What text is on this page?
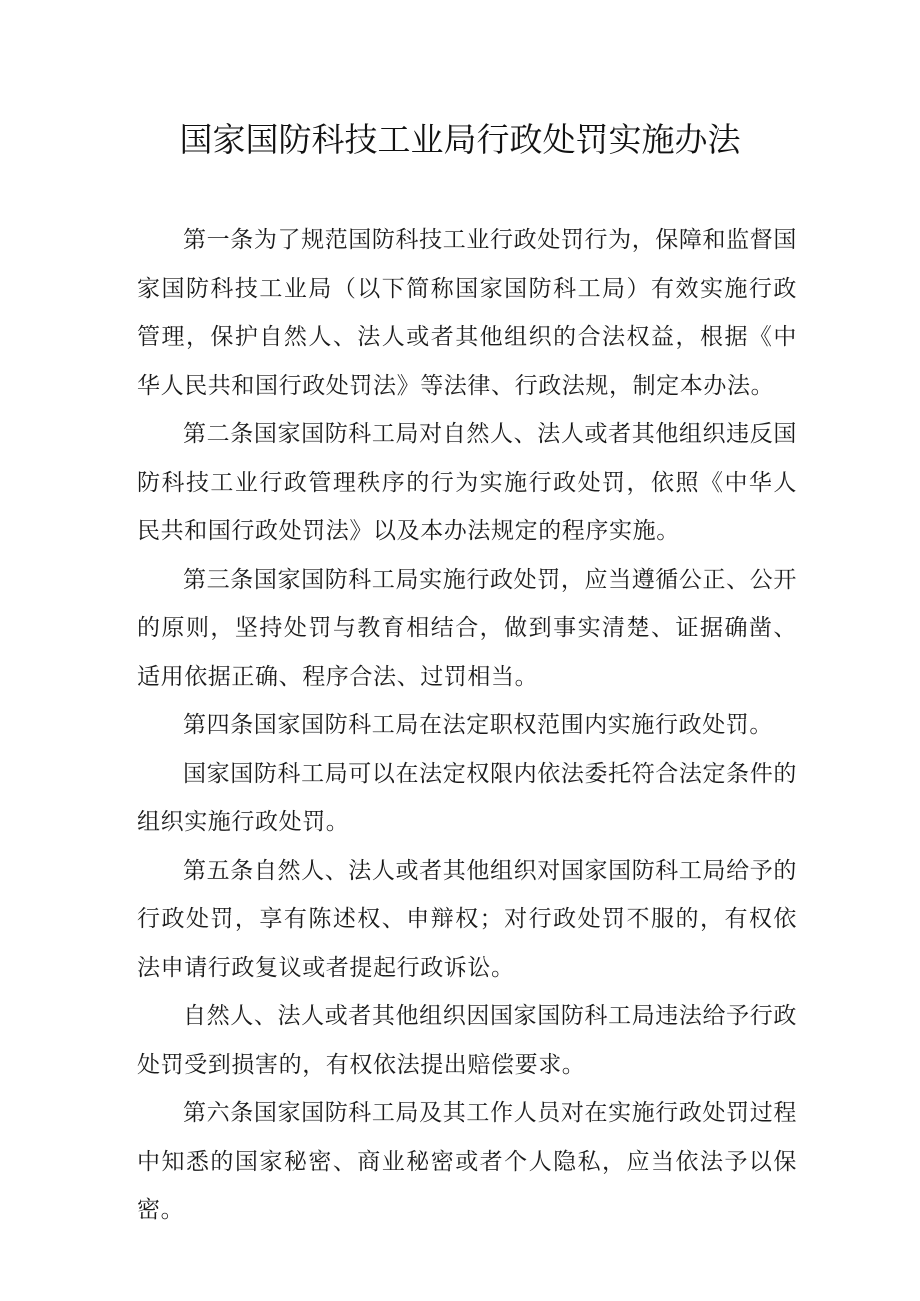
国家国防科技工业局行政处罚实施办法

第一条为了规范国防科技工业行政处罚行为，保障和监督国家国防科技工业局（以下简称国家国防科工局）有效实施行政管理，保护自然人、法人或者其他组织的合法权益，根据《中华人民共和国行政处罚法》等法律、行政法规，制定本办法。

第二条国家国防科工局对自然人、法人或者其他组织违反国防科技工业行政管理秩序的行为实施行政处罚，依照《中华人民共和国行政处罚法》以及本办法规定的程序实施。

第三条国家国防科工局实施行政处罚，应当遵循公正、公开的原则，坚持处罚与教育相结合，做到事实清楚、证据确凿、适用依据正确、程序合法、过罚相当。

第四条国家国防科工局在法定职权范围内实施行政处罚。

国家国防科工局可以在法定权限内依法委托符合法定条件的组织实施行政处罚。

第五条自然人、法人或者其他组织对国家国防科工局给予的行政处罚，享有陈述权、申辩权；对行政处罚不服的，有权依法申请行政复议或者提起行政诉讼。

自然人、法人或者其他组织因国家国防科工局违法给予行政处罚受到损害的，有权依法提出赔偿要求。

第六条国家国防科工局及其工作人员对在实施行政处罚过程中知悉的国家秘密、商业秘密或者个人隐私，应当依法予以保密。
